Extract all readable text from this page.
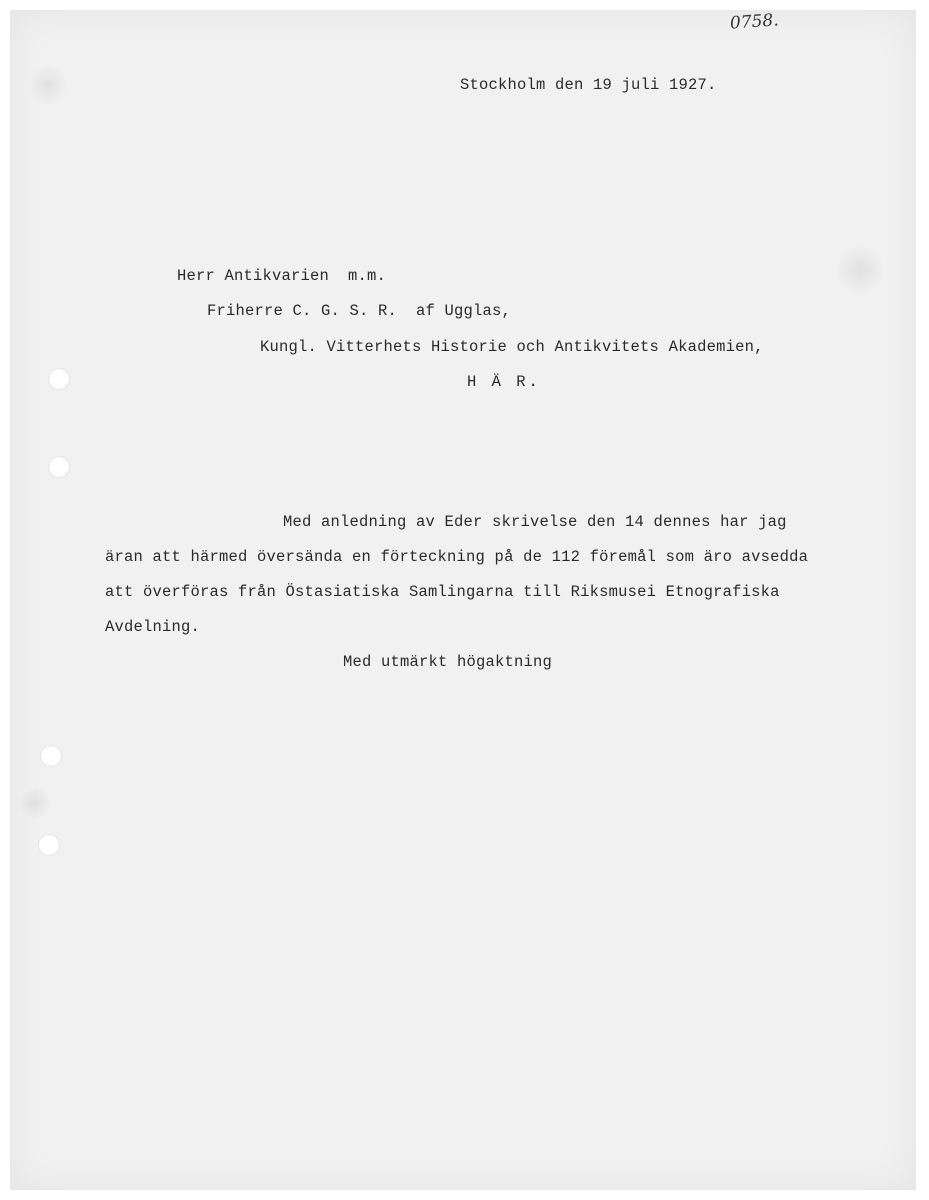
0758.
Stockholm den 19 juli 1927.
Herr Antikvarien  m.m.
Friherre C. G. S. R.  af Ugglas,
Kungl. Vitterhets Historie och Antikvitets Akademien,
H Ä R.
Med anledning av Eder skrivelse den 14 dennes har jag
äran att härmed översända en förteckning på de 112 föremål som äro avsedda
att överföras från Östasiatiska Samlingarna till Riksmusei Etnografiska
Avdelning.
Med utmärkt högaktning
